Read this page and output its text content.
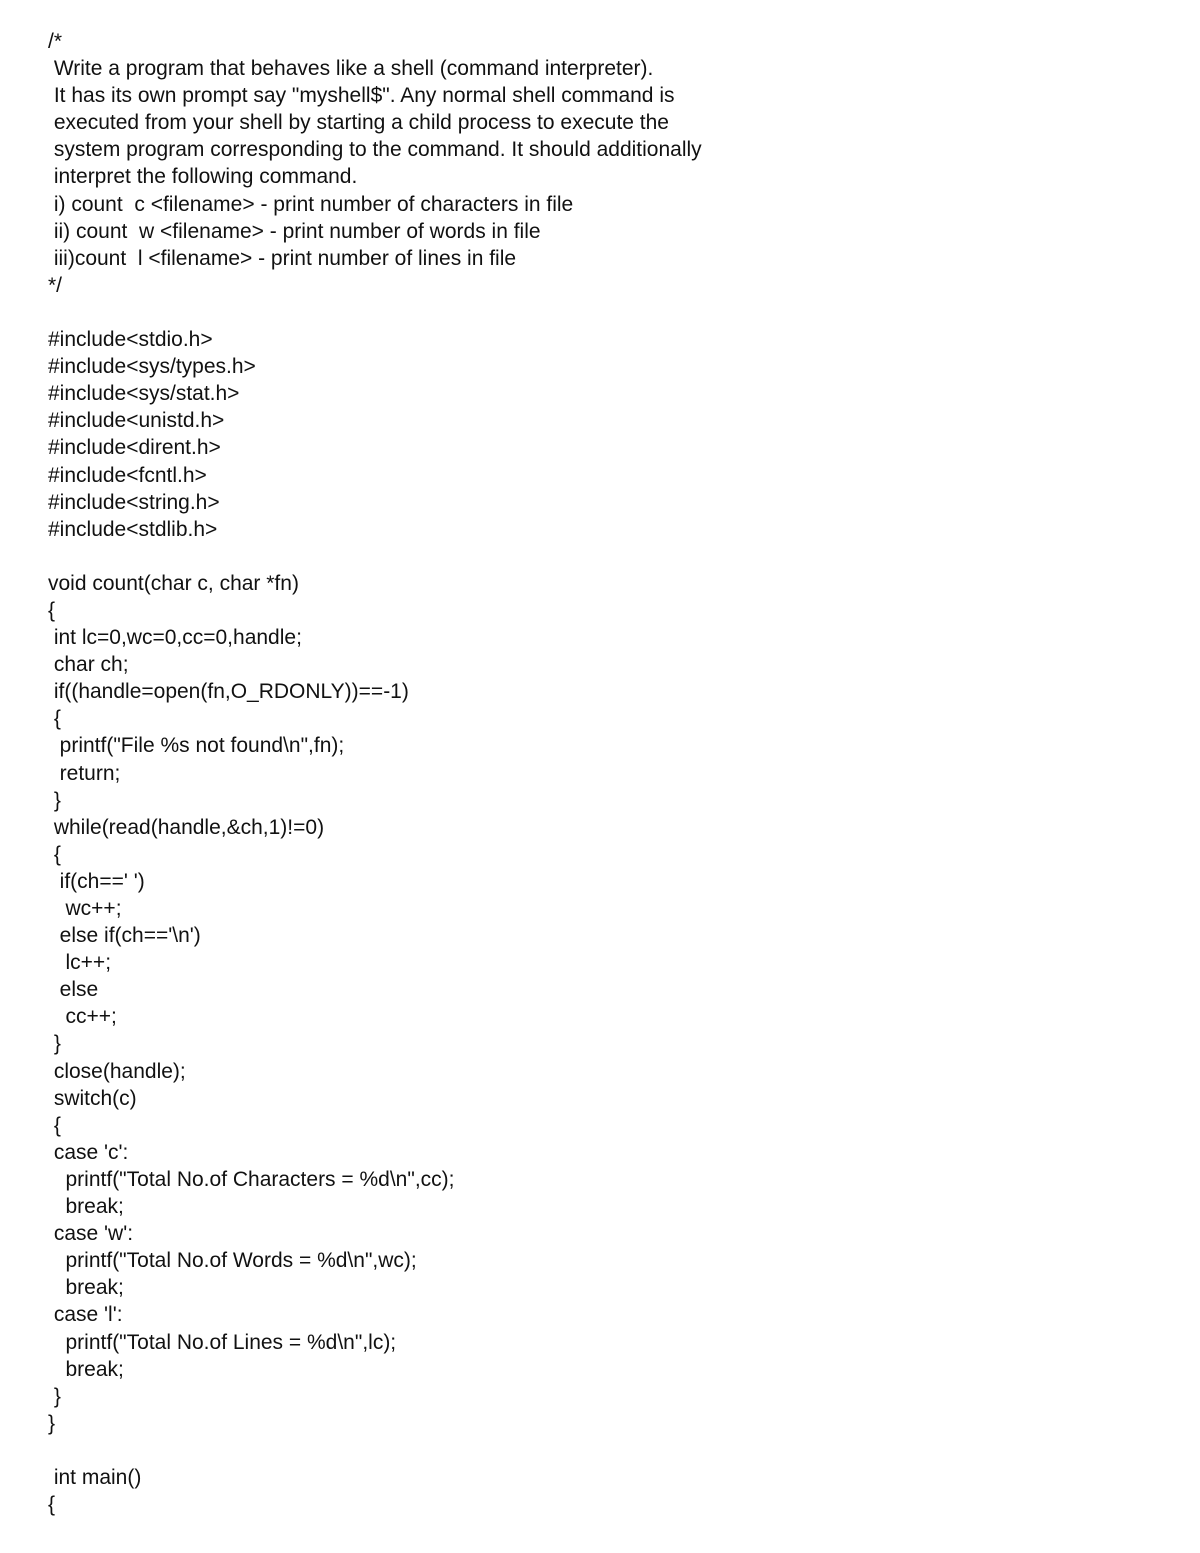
/*
Write a program that behaves like a shell (command interpreter).
It has its own prompt say "myshell$". Any normal shell command is
executed from your shell by starting a child process to execute the
system program corresponding to the command. It should additionally
interpret the following command.
i) count  c <filename> - print number of characters in file
ii) count  w <filename> - print number of words in file
iii)count  l <filename> - print number of lines in file
*/
#include<stdio.h>
#include<sys/types.h>
#include<sys/stat.h>
#include<unistd.h>
#include<dirent.h>
#include<fcntl.h>
#include<string.h>
#include<stdlib.h>
void count(char c, char *fn)
{
int lc=0,wc=0,cc=0,handle;
char ch;
if((handle=open(fn,O_RDONLY))==-1)
{
printf("File %s not found\n",fn);
return;
}
while(read(handle,&ch,1)!=0)
{
if(ch==' ')
wc++;
else if(ch=='\n')
lc++;
else
cc++;
}
close(handle);
switch(c)
{
case 'c':
printf("Total No.of Characters = %d\n",cc);
break;
case 'w':
printf("Total No.of Words = %d\n",wc);
break;
case 'l':
printf("Total No.of Lines = %d\n",lc);
break;
}
}
int main()
{
